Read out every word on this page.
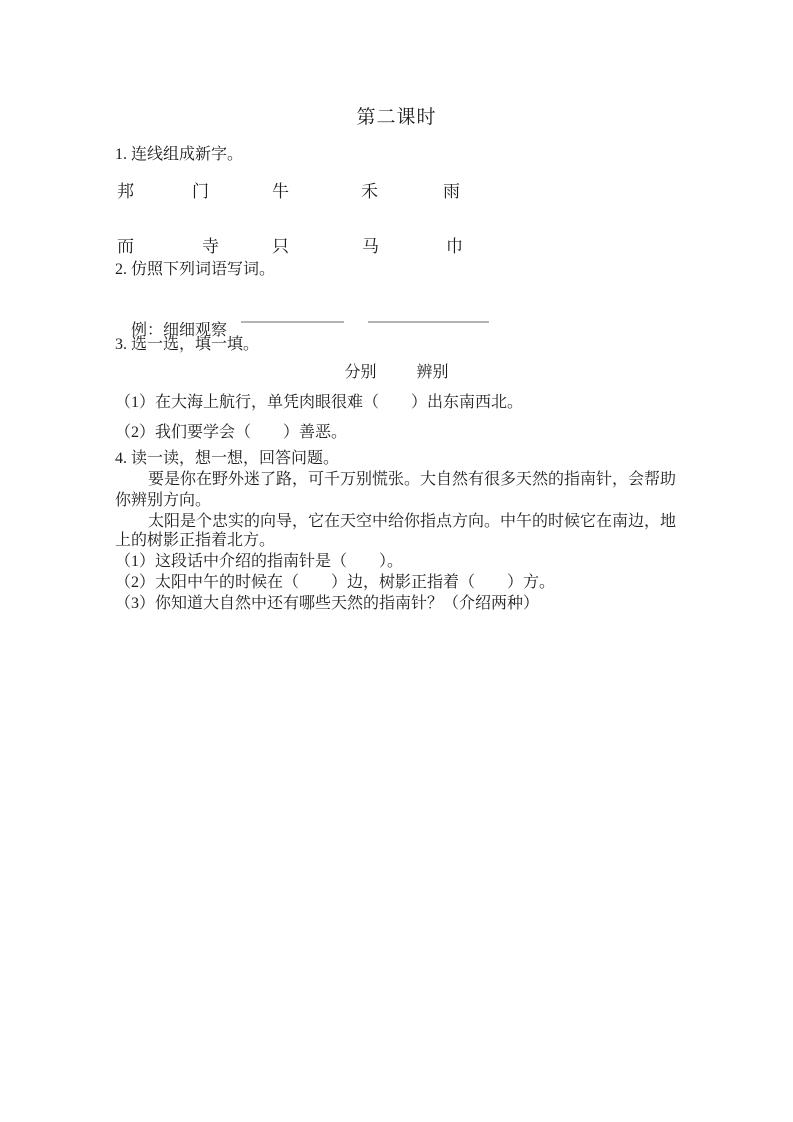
第二课时
1. 连线组成新字。
邦	门	牛	禾	雨
而	寺	只	马	巾
2. 仿照下列词语写词。

例：细细观察

3. 选一选，填一填。
分别	辨别
（1）在大海上航行，单凭肉眼很难（　　）出东南西北。
（2）我们要学会（　　）善恶。
4. 读一读，想一想，回答问题。
要是你在野外迷了路，可千万别慌张。大自然有很多天然的指南针，会帮助
你辨别方向。
太阳是个忠实的向导，它在天空中给你指点方向。中午的时候它在南边，地
上的树影正指着北方。
（1）这段话中介绍的指南针是（　　）。
（2）太阳中午的时候在（　　）边，树影正指着（　　）方。
（3）你知道大自然中还有哪些天然的指南针？（介绍两种）
